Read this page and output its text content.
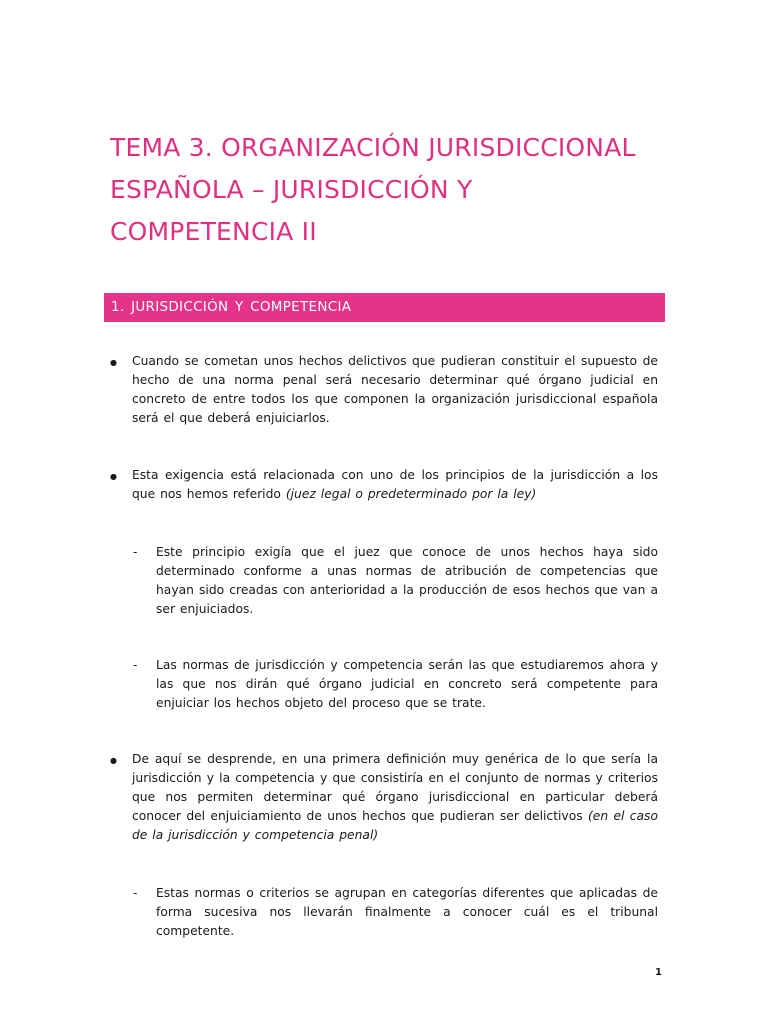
TEMA 3. ORGANIZACIÓN JURISDICCIONAL
ESPAÑOLA – JURISDICCIÓN Y
COMPETENCIA II
1. JURISDICCIÓN Y COMPETENCIA
● Cuando se cometan unos hechos delictivos que pudieran constituir el supuesto de hecho de una norma penal será necesario determinar qué órgano judicial en concreto de entre todos los que componen la organización jurisdiccional española será el que deberá enjuiciarlos.

● Esta exigencia está relacionada con uno de los principios de la jurisdicción a los que nos hemos referido (juez legal o predeterminado por la ley)

- Este principio exigía que el juez que conoce de unos hechos haya sido determinado conforme a unas normas de atribución de competencias que hayan sido creadas con anterioridad a la producción de esos hechos que van a ser enjuiciados.

- Las normas de jurisdicción y competencia serán las que estudiaremos ahora y las que nos dirán qué órgano judicial en concreto será competente para enjuiciar los hechos objeto del proceso que se trate.

● De aquí se desprende, en una primera definición muy genérica de lo que sería la jurisdicción y la competencia y que consistiría en el conjunto de normas y criterios que nos permiten determinar qué órgano jurisdiccional en particular deberá conocer del enjuiciamiento de unos hechos que pudieran ser delictivos (en el caso de la jurisdicción y competencia penal)

- Estas normas o criterios se agrupan en categorías diferentes que aplicadas de forma sucesiva nos llevarán finalmente a conocer cuál es el tribunal competente.

1
